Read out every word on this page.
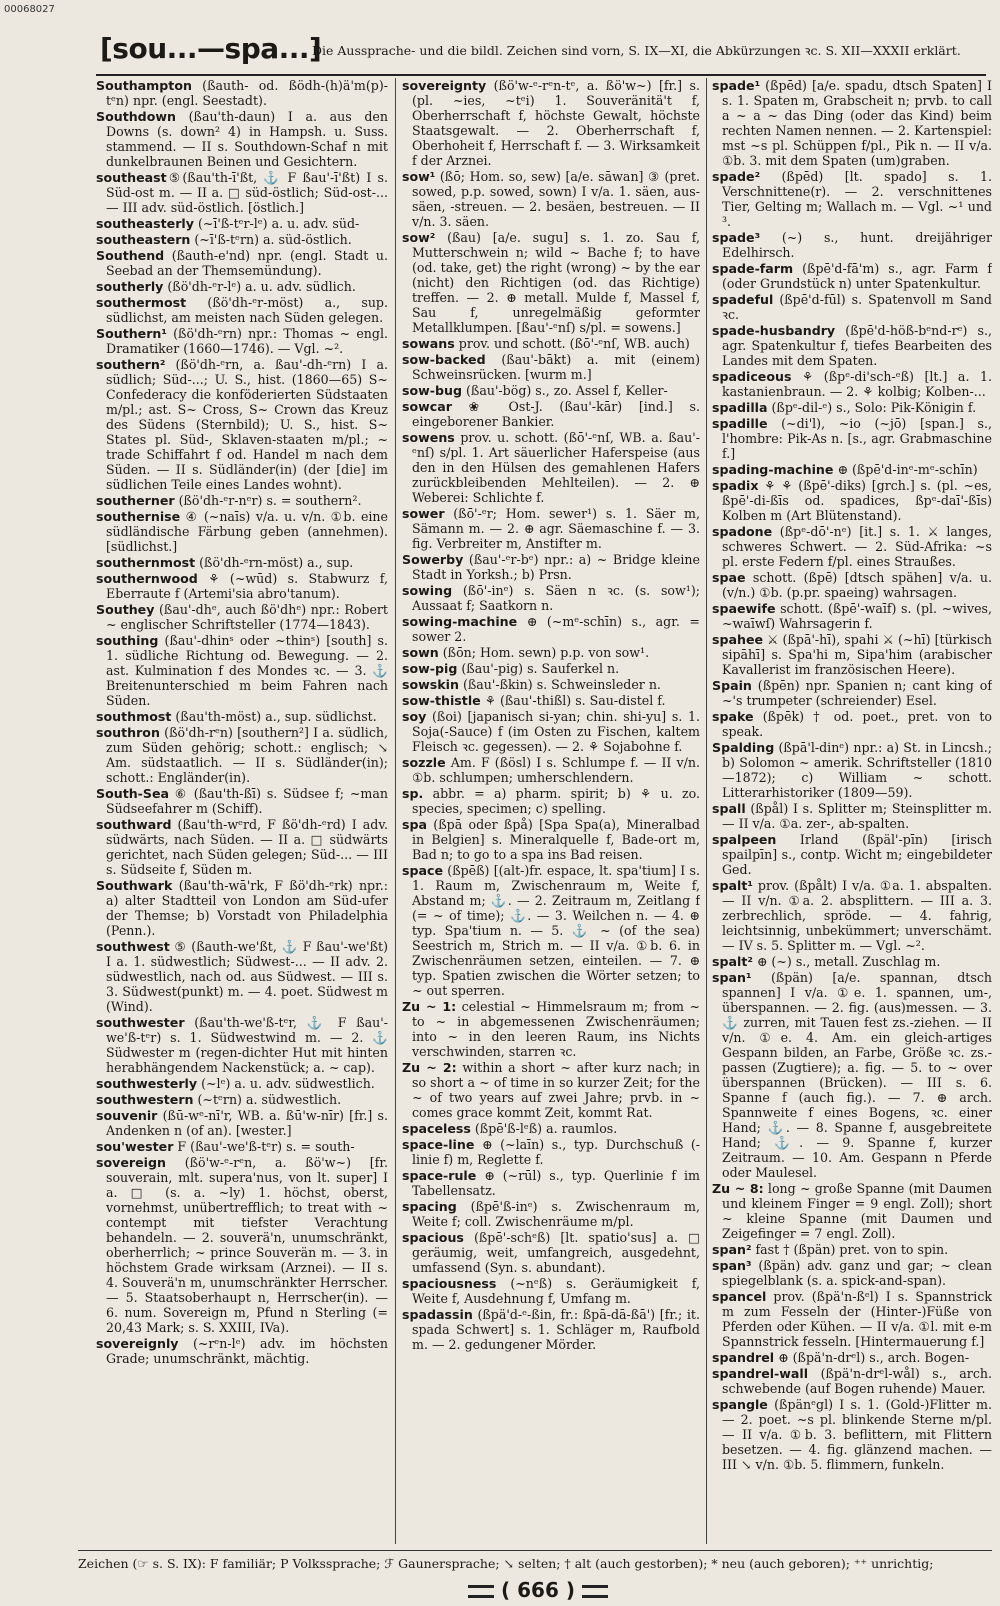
00068027
[sou...—spa...]
Die Aussprache- und die bildl. Zeichen sind vorn, S. IX—XI, die Abkürzungen ꝛc. S. XII—XXXII erklärt.
Southampton (ßauth- od. ßödh-(h)ä'm(p)-tᵉn) npr. (engl. Seestadt).
Southdown (ßau'th-daun) I a. aus den Downs (s. down² 4) in Hampsh. u. Suss. stammend. — II s. Southdown-Schaf n mit dunkelbraunen Beinen und Gesichtern.
southeast⑤(ßau'th-ī'ßt, ⚓ F ßau'-ī'ßt) I s. Süd-ost m. — II a. □ süd-östlich; Süd-ost-... — III adv. süd-östlich. [östlich.]
southeasterly (~ī'ß-tᵉr-lᵉ) a. u. adv. süd-
southeastern (~ī'ß-tᵉrn) a. süd-östlich.
Southend (ßauth-e'nd) npr. (engl. Stadt u. Seebad an der Themsemündung).
southerly (ßö'dh-ᵉr-lᵉ) a. u. adv. südlich.
southermost (ßö'dh-ᵉr-möst) a., sup. südlichst, am meisten nach Süden gelegen.
Southern¹ (ßö'dh-ᵉrn) npr.: Thomas ~ engl. Dramatiker (1660—1746). — Vgl. ~².
southern² (ßö'dh-ᵉrn, a. ßau'-dh-ᵉrn) I a. südlich; Süd-...; U. S., hist. (1860—65) S~ Confederacy die konföderierten Südstaaten m/pl.; ast. S~ Cross, S~ Crown das Kreuz des Südens (Sternbild); U. S., hist. S~ States pl. Süd-, Sklaven-staaten m/pl.; ~ trade Schiffahrt f od. Handel m nach dem Süden. — II s. Südländer(in) (der [die] im südlichen Teile eines Landes wohnt).
southerner (ßö'dh-ᵉr-nᵉr) s. = southern².
southernise ④ (~naīs) v/a. u. v/n. ①b. eine südländische Färbung geben (annehmen). [südlichst.]
southernmost (ßö'dh-ᵉrn-möst) a., sup.
southernwood ⚘ (~wūd) s. Stabwurz f, Eberraute f (Artemi'sia abro'tanum).
Southey (ßau'-dhᵉ, auch ßö'dhᵉ) npr.: Robert ~ englischer Schriftsteller (1774—1843).
southing (ßau'-dhinˢ oder ~thinˢ) [south] s. 1. südliche Richtung od. Bewegung. — 2. ast. Kulmination f des Mondes ꝛc. — 3. ⚓ Breitenunterschied m beim Fahren nach Süden.
southmost (ßau'th-möst) a., sup. südlichst.
southron (ßö'dh-rᵉn) [southern²] I a. südlich, zum Süden gehörig; schott.: englisch; ↘ Am. südstaatlich. — II s. Südländer(in); schott.: Engländer(in).
South-Sea ⑥ (ßau'th-ßī) s. Südsee f; ~man Südseefahrer m (Schiff).
southward (ßau'th-wᵉrd, F ßö'dh-ᵉrd) I adv. südwärts, nach Süden. — II a. □ südwärts gerichtet, nach Süden gelegen; Süd-... — III s. Südseite f, Süden m.
Southwark (ßau'th-wā'rk, F ßö'dh-ᵉrk) npr.: a) alter Stadtteil von London am Süd-ufer der Themse; b) Vorstadt von Philadelphia (Penn.).
southwest ⑤ (ßauth-we'ßt, ⚓ F ßau'-we'ßt) I a. 1. südwestlich; Südwest-... — II adv. 2. südwestlich, nach od. aus Südwest. — III s. 3. Südwest(punkt) m. — 4. poet. Südwest m (Wind).
southwester (ßau'th-we'ß-tᵉr, ⚓ F ßau'-we'ß-tᵉr) s. 1. Südwestwind m. — 2. ⚓ Südwester m (regen-dichter Hut mit hinten herabhängendem Nackenstück; a. ~ cap).
southwesterly (~lᵉ) a. u. adv. südwestlich.
southwestern (~tᵉrn) a. südwestlich.
souvenir (ßū-wᵉ-nī'r, WB. a. ßū'w-nīr) [fr.] s. Andenken n (of an). [wester.]
sou'wester F (ßau'-we'ß-tᵉr) s. = south-
sovereign (ßö'w-ᵉ-rᵉn, a. ßö'w~) [fr. souverain, mlt. supera'nus, von lt. super] I a. □ (s. a. ~ly) 1. höchst, oberst, vornehmst, unübertrefflich; to treat with ~ contempt mit tiefster Verachtung behandeln. — 2. souverä'n, unumschränkt, oberherrlich; ~ prince Souverän m. — 3. in höchstem Grade wirksam (Arznei). — II s. 4. Souverä'n m, unumschränkter Herrscher. — 5. Staatsoberhaupt n, Herrscher(in). — 6. num. Sovereign m, Pfund n Sterling (= 20,43 Mark; s. S. XXIII, IVa).
sovereignly (~rᵉn-lᵉ) adv. im höchsten Grade; unumschränkt, mächtig.
sovereignty (ßö'w-ᵉ-rᵉn-tᵉ, a. ßö'w~) [fr.] s. (pl. ~ies, ~tᵉi) 1. Souveränitä't f, Oberherrschaft f, höchste Gewalt, höchste Staatsgewalt. — 2. Oberherrschaft f, Oberhoheit f, Herrschaft f. — 3. Wirksamkeit f der Arznei.
sow¹ (ßō; Hom. so, sew) [a/e. sāwan] ③ (pret. sowed, p.p. sowed, sown) I v/a. 1. säen, aus-säen, -streuen. — 2. besäen, bestreuen. — II v/n. 3. säen.
sow² (ßau) [a/e. sugu] s. 1. zo. Sau f, Mutterschwein n; wild ~ Bache f; to have (od. take, get) the right (wrong) ~ by the ear (nicht) den Richtigen (od. das Richtige) treffen. — 2. ⊕ metall. Mulde f, Massel f, Sau f, unregelmäßig geformter Metallklumpen. [ßau'-ᵉnſ) s/pl. = sowens.]
sowans prov. und schott. (ßō'-ᵉnſ, WB. auch)
sow-backed (ßau'-bākt) a. mit (einem) Schweinsrücken. [wurm m.]
sow-bug (ßau'-bög) s., zo. Assel f, Keller-
sowcar ❀ Ost-J. (ßau'-kār) [ind.] s. eingeborener Bankier.
sowens prov. u. schott. (ßō'-ᵉnſ, WB. a. ßau'-ᵉnſ) s/pl. 1. Art säuerlicher Haferspeise (aus den in den Hülsen des gemahlenen Hafers zurückbleibenden Mehlteilen). — 2. ⊕ Weberei: Schlichte f.
sower (ßō'-ᵉr; Hom. sewer¹) s. 1. Säer m, Sämann m. — 2. ⊕ agr. Säemaschine f. — 3. fig. Verbreiter m, Anstifter m.
Sowerby (ßau'-ᵉr-bᵉ) npr.: a) ~ Bridge kleine Stadt in Yorksh.; b) Prsn.
sowing (ßō'-inᵉ) s. Säen n ꝛc. (s. sow¹); Aussaat f; Saatkorn n.
sowing-machine ⊕ (~mᵉ-schīn) s., agr. = sower 2.
sown (ßōn; Hom. sewn) p.p. von sow¹.
sow-pig (ßau'-pig) s. Sauferkel n.
sowskin (ßau'-ßkin) s. Schweinsleder n.
sow-thistle ⚘ (ßau'-thißl) s. Sau-distel f.
soy (ßoi) [japanisch si-yan; chin. shi-yu] s. 1. Soja(-Sauce) f (im Osten zu Fischen, kaltem Fleisch ꝛc. gegessen). — 2. ⚘ Sojabohne f.
sozzle Am. F (ßösl) I s. Schlumpe f. — II v/n. ①b. schlumpen; umherschlendern.
sp. abbr. = a) pharm. spirit; b) ⚘ u. zo. species, specimen; c) spelling.
spa (ßpā oder ßpå) [Spa Spa(a), Mineralbad in Belgien] s. Mineralquelle f, Bade-ort m, Bad n; to go to a spa ins Bad reisen.
space (ßpēß) [(alt-)fr. espace, lt. spa'tium] I s. 1. Raum m, Zwischenraum m, Weite f, Abstand m; ⚓. — 2. Zeitraum m, Zeitlang f (= ~ of time); ⚓. — 3. Weilchen n. — 4. ⊕ typ. Spa'tium n. — 5. ⚓ ~ (of the sea) Seestrich m, Strich m. — II v/a. ①b. 6. in Zwischenräumen setzen, einteilen. — 7. ⊕ typ. Spatien zwischen die Wörter setzen; to ~ out sperren.
Zu ~ 1: celestial ~ Himmelsraum m; from ~ to ~ in abgemessenen Zwischenräumen; into ~ in den leeren Raum, ins Nichts verschwinden, starren ꝛc.
Zu ~ 2: within a short ~ after kurz nach; in so short a ~ of time in so kurzer Zeit; for the ~ of two years auf zwei Jahre; prvb. in ~ comes grace kommt Zeit, kommt Rat.
spaceless (ßpē'ß-lᵉß) a. raumlos.
space-line ⊕ (~laīn) s., typ. Durchschuß (-linie f) m, Reglette f.
space-rule ⊕ (~rūl) s., typ. Querlinie f im Tabellensatz.
spacing (ßpē'ß-inᵉ) s. Zwischenraum m, Weite f; coll. Zwischenräume m/pl.
spacious (ßpē'-schᵉß) [lt. spatio'sus] a. □ geräumig, weit, umfangreich, ausgedehnt, umfassend (Syn. s. abundant).
spaciousness (~nᵉß) s. Geräumigkeit f, Weite f, Ausdehnung f, Umfang m.
spadassin (ßpä'd-ᵉ-ßin, fr.: ßpā-dā-ßā') [fr.; it. spada Schwert] s. 1. Schläger m, Raufbold m. — 2. gedungener Mörder.
spade¹ (ßpēd) [a/e. spadu, dtsch Spaten] I s. 1. Spaten m, Grabscheit n; prvb. to call a ~ a ~ das Ding (oder das Kind) beim rechten Namen nennen. — 2. Kartenspiel: mst ~s pl. Schüppen f/pl., Pik n. — II v/a. ①b. 3. mit dem Spaten (um)graben.
spade² (ßpēd) [lt. spado] s. 1. Verschnittene(r). — 2. verschnittenes Tier, Gelting m; Wallach m. — Vgl. ~¹ und ³.
spade³ (~) s., hunt. dreijähriger Edelhirsch.
spade-farm (ßpē'd-fā'm) s., agr. Farm f (oder Grundstück n) unter Spatenkultur.
spadeful (ßpē'd-fūl) s. Spatenvoll m Sand ꝛc.
spade-husbandry (ßpē'd-höß-bᵉnd-rᵉ) s., agr. Spatenkultur f, tiefes Bearbeiten des Landes mit dem Spaten.
spadiceous ⚘ (ßpᵉ-di'sch-ᵉß) [lt.] a. 1. kastanienbraun. — 2. ⚘ kolbig; Kolben-...
spadilla (ßpᵉ-dil-ᵉ) s., Solo: Pik-Königin f.
spadille (~di'l), ~io (~jō) [span.] s., l'hombre: Pik-As n. [s., agr. Grabmaschine f.]
spading-machine ⊕ (ßpē'd-inᵉ-mᵉ-schīn)
spadix ⚘ ⚘ (ßpē'-diks) [grch.] s. (pl. ~es, ßpē'-di-ßīs od. spadices, ßpᵉ-daī'-ßīs) Kolben m (Art Blütenstand).
spadone (ßpᵉ-dō'-nᵉ) [it.] s. 1. ⚔ langes, schweres Schwert. — 2. Süd-Afrika: ~s pl. erste Federn f/pl. eines Straußes.
spae schott. (ßpē) [dtsch spähen] v/a. u. (v/n.) ①b. (p.pr. spaeing) wahrsagen.
spaewife schott. (ßpē'-waīf) s. (pl. ~wives, ~waīwſ) Wahrsagerin f.
spahee ⚔ (ßpā'-hī), spahi ⚔ (~hī) [türkisch sipāhī] s. Spa'hi m, Sipa'him (arabischer Kavallerist im französischen Heere).
Spain (ßpēn) npr. Spanien n; cant king of ~'s trumpeter (schreiender) Esel.
spake (ßpēk) † od. poet., pret. von to speak.
Spalding (ßpā'l-dinᵉ) npr.: a) St. in Lincsh.; b) Solomon ~ amerik. Schriftsteller (1810—1872); c) William ~ schott. Litterarhistoriker (1809—59).
spall (ßpål) I s. Splitter m; Steinsplitter m. — II v/a. ①a. zer-, ab-spalten.
spalpeen Irland (ßpäl'-pīn) [irisch spailpīn] s., contp. Wicht m; eingebildeter Ged.
spalt¹ prov. (ßpålt) I v/a. ①a. 1. abspalten. — II v/n. ①a. 2. absplittern. — III a. 3. zerbrechlich, spröde. — 4. fahrig, leichtsinnig, unbekümmert; unverschämt. — IV s. 5. Splitter m. — Vgl. ~².
spalt² ⊕ (~) s., metall. Zuschlag m.
span¹ (ßpän) [a/e. spannan, dtsch spannen] I v/a. ①e. 1. spannen, um-, überspannen. — 2. fig. (aus)messen. — 3. ⚓ zurren, mit Tauen fest zs.-ziehen. — II v/n. ①e. 4. Am. ein gleich-artiges Gespann bilden, an Farbe, Größe ꝛc. zs.-passen (Zugtiere); a. fig. — 5. to ~ over überspannen (Brücken). — III s. 6. Spanne f (auch fig.). — 7. ⊕ arch. Spannweite f eines Bogens, ꝛc. einer Hand; ⚓. — 8. Spanne f, ausgebreitete Hand; ⚓. — 9. Spanne f, kurzer Zeitraum. — 10. Am. Gespann n Pferde oder Maulesel.
Zu ~ 8: long ~ große Spanne (mit Daumen und kleinem Finger = 9 engl. Zoll); short ~ kleine Spanne (mit Daumen und Zeigefinger = 7 engl. Zoll).
span² fast † (ßpän) pret. von to spin.
span³ (ßpän) adv. ganz und gar; ~ clean spiegelblank (s. a. spick-and-span).
spancel prov. (ßpä'n-ßᵉl) I s. Spannstrick m zum Fesseln der (Hinter-)Füße von Pferden oder Kühen. — II v/a. ①l. mit e-m Spannstrick fesseln. [Hintermauerung f.]
spandrel ⊕ (ßpä'n-drᵉl) s., arch. Bogen-
spandrel-wall (ßpä'n-drᵉl-wål) s., arch. schwebende (auf Bogen ruhende) Mauer.
spangle (ßpänᵉgl) I s. 1. (Gold-)Flitter m. — 2. poet. ~s pl. blinkende Sterne m/pl. — II v/a. ①b. 3. beflittern, mit Flittern besetzen. — 4. fig. glänzend machen. — III ↘ v/n. ①b. 5. flimmern, funkeln.
Zeichen (☞ s. S. IX): F familiär; P Volkssprache; ℱ Gaunersprache; ↘ selten; † alt (auch gestorben); * neu (auch geboren); ⁺⁺ unrichtig;
( 666 )
